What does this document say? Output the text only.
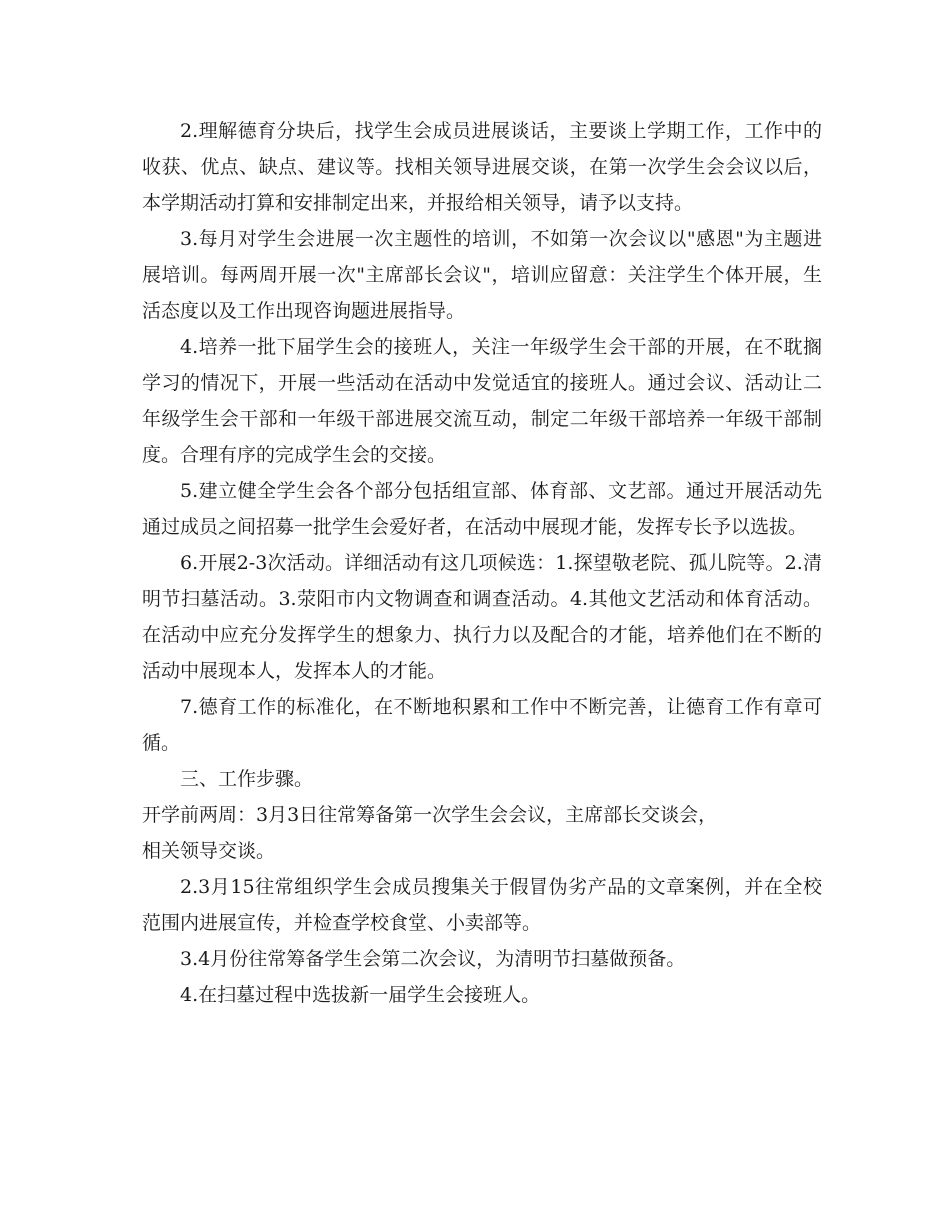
2.理解德育分块后，找学生会成员进展谈话，主要谈上学期工作，工作中的收获、优点、缺点、建议等。找相关领导进展交谈，在第一次学生会会议以后，本学期活动打算和安排制定出来，并报给相关领导，请予以支持。

3.每月对学生会进展一次主题性的培训，不如第一次会议以"感恩"为主题进展培训。每两周开展一次"主席部长会议"，培训应留意：关注学生个体开展，生活态度以及工作出现咨询题进展指导。

4.培养一批下届学生会的接班人，关注一年级学生会干部的开展，在不耽搁学习的情况下，开展一些活动在活动中发觉适宜的接班人。通过会议、活动让二年级学生会干部和一年级干部进展交流互动，制定二年级干部培养一年级干部制度。合理有序的完成学生会的交接。

5.建立健全学生会各个部分包括组宣部、体育部、文艺部。通过开展活动先通过成员之间招募一批学生会爱好者，在活动中展现才能，发挥专长予以选拔。

6.开展2-3次活动。详细活动有这几项候选：1.探望敬老院、孤儿院等。2.清明节扫墓活动。3.荥阳市内文物调查和调查活动。4.其他文艺活动和体育活动。在活动中应充分发挥学生的想象力、执行力以及配合的才能，培养他们在不断的活动中展现本人，发挥本人的才能。

7.德育工作的标准化，在不断地积累和工作中不断完善，让德育工作有章可循。

三、工作步骤。

开学前两周：3月3日往常筹备第一次学生会会议，主席部长交谈会，

相关领导交谈。

2.3月15往常组织学生会成员搜集关于假冒伪劣产品的文章案例，并在全校范围内进展宣传，并检查学校食堂、小卖部等。

3.4月份往常筹备学生会第二次会议，为清明节扫墓做预备。

4.在扫墓过程中选拔新一届学生会接班人。
